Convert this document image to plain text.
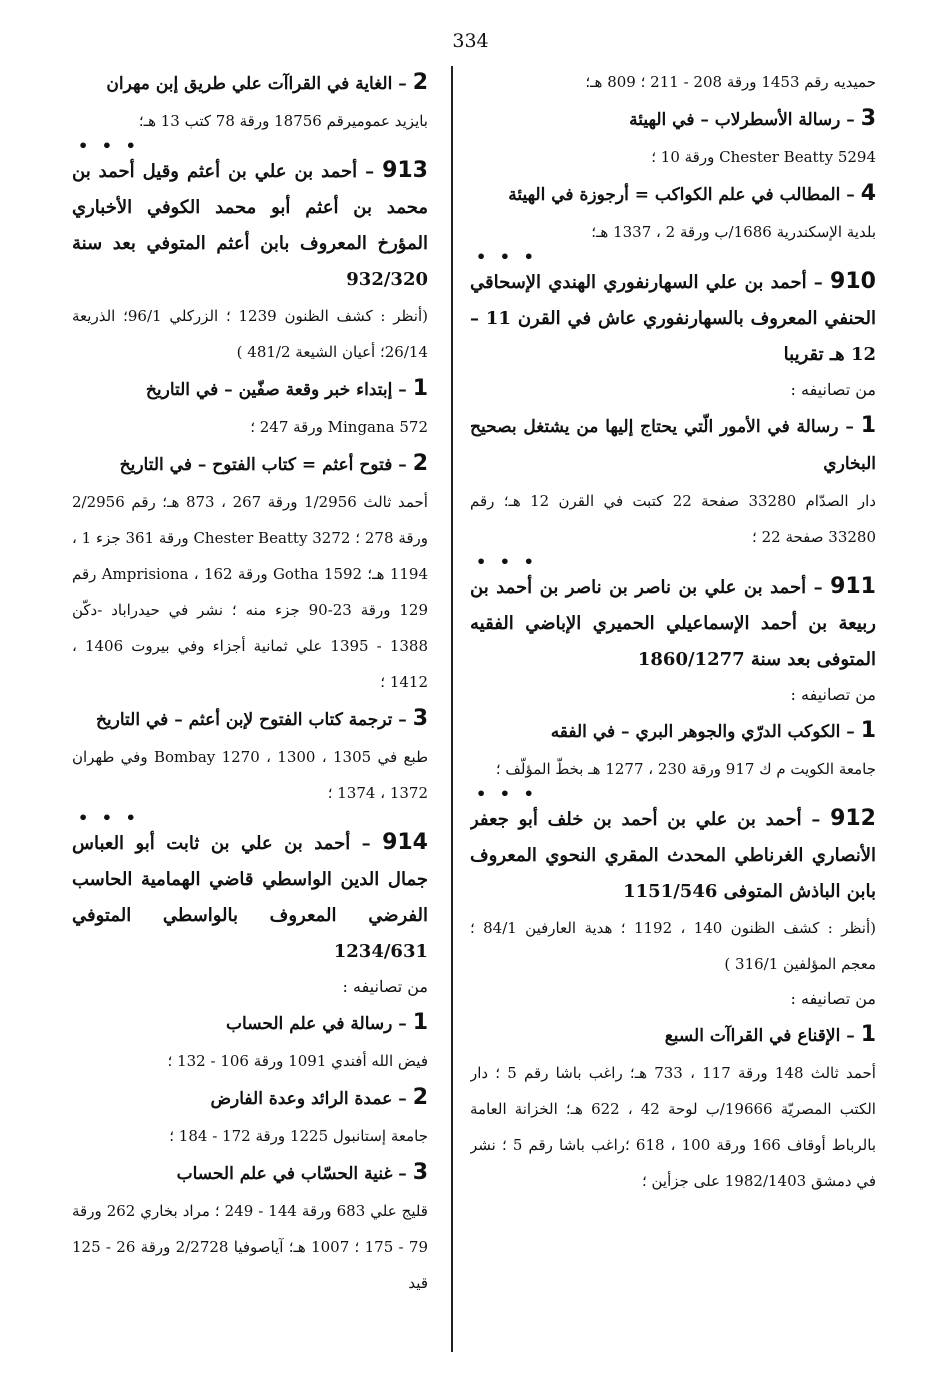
334
حميديه رقم 1453 ورقة 208 - 211 ؛ 809 هـ؛
3 – رسالة الأسطرلاب – في الهيئة
Chester Beatty 5294 ورقة 10 ؛
4 – المطالب في علم الكواكب = أرجوزة في الهيئة
بلدية الإسكندرية 1686/ب ورقة 2 ، 1337 هـ؛
• • •
910 – أحمد بن علي السهارنفوري الهندي الإسحاقي الحنفي المعروف بالسهارنفوري عاش في القرن 11 – 12 هـ تقريبا
من تصانيفه :
1 – رسالة في الأمور الّتي يحتاج إليها من يشتغل بصحيح البخاري
دار الصدّام 33280 صفحة 22 كتبت في القرن 12 هـ؛ رقم 33280 صفحة 22 ؛
• • •
911 – أحمد بن علي بن ناصر بن ناصر بن أحمد بن ربيعة بن أحمد الإسماعيلي الحميري الإباضي الفقيه المتوفى بعد سنة 1860/1277
من تصانيفه :
1 – الكوكب الدرّي والجوهر البري – في الفقه
جامعة الكويت م ك 917 ورقة 230 ، 1277 هـ بخطّ المؤلّف ؛
• • •
912 – أحمد بن علي بن أحمد بن خلف أبو جعفر الأنصاري الغرناطي المحدث المقري النحوي المعروف بابن الباذش المتوفى 1151/546
(أنظر : كشف الظنون 140 ، 1192 ؛ هدية العارفين 84/1 ؛ معجم المؤلفين 316/1 )
من تصانيفه :
1 – الإقناع في القراآت السبع
أحمد ثالث 148 ورقة 117 ، 733 هـ؛ راغب باشا رقم 5 ؛ دار الكتب المصريّة 19666/ب لوحة 42 ، 622 هـ؛ الخزانة العامة بالرباط أوقاف 166 ورقة 100 ، 618 ؛راغب باشا رقم 5 ؛ نشر في دمشق 1982/1403 على جزأين ؛
2 – الغاية في القراآت علي طريق إبن مهران
بايزيد عموميرقم 18756 ورقة 78 كتب 13 هـ؛
• • •
913 – أحمد بن علي بن أعثم وقيل أحمد بن محمد بن أعثم أبو محمد الكوفي الأخباري المؤرخ المعروف بابن أعثم المتوفي بعد سنة 932/320
(أنظر : كشف الظنون 1239 ؛ الزركلي 96/1؛ الذريعة 26/14؛ أعيان الشيعة 481/2 )
1 – إبتداء خبر وقعة صفّين – في التاريخ
Mingana 572 ورقة 247 ؛
2 – فتوح أعثم = كتاب الفتوح – في التاريخ
أحمد ثالث 1/2956 ورقة 267 ، 873 هـ؛ رقم 2/2956 ورقة 278 ؛ Chester Beatty 3272 ورقة 361 جزء 1 ، 1194 هـ؛ Gotha 1592 ورقة 162 ، Amprisiona رقم 129 ورقة 23-90 جزء منه ؛ نشر في حيدراباد -دكّن 1388 - 1395 علي ثمانية أجزاء وفي بيروت 1406 ، 1412 ؛
3 – ترجمة كتاب الفتوح لإبن أعثم – في التاريخ
طبع في Bombay 1270 ، 1300 ، 1305 وفي طهران 1372 ، 1374 ؛
• • •
914 – أحمد بن علي بن ثابت أبو العباس جمال الدين الواسطي قاضي الهمامية الحاسب الفرضي المعروف بالواسطي المتوفي 1234/631
من تصانيفه :
1 – رسالة في علم الحساب
فيض الله أفندي 1091 ورقة 106 - 132 ؛
2 – عمدة الرائد وعدة الفارض
جامعة إستانبول 1225 ورقة 172 - 184 ؛
3 – غنية الحسّاب في علم الحساب
قليج علي 683 ورقة 144 - 249 ؛ مراد بخاري 262 ورقة 79 - 175 ؛ 1007 هـ؛ آياصوفيا 2/2728 ورقة 26 - 125 قيد
